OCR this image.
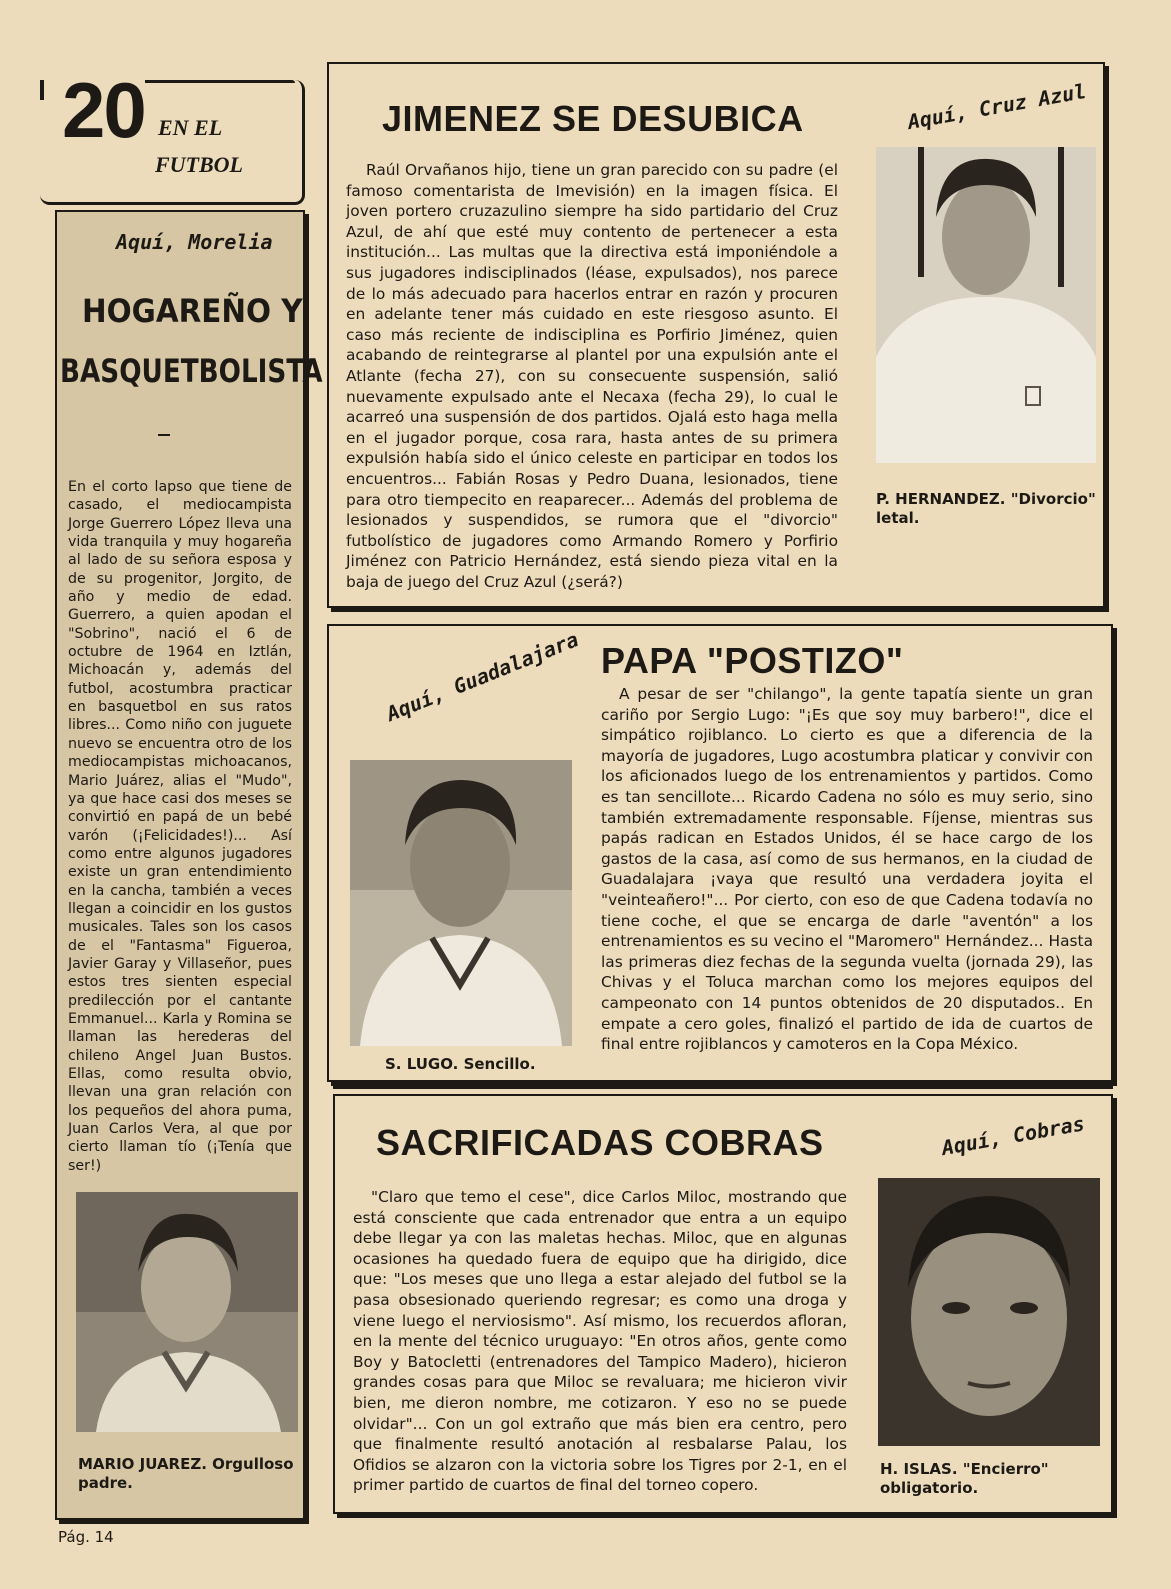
20 EN EL
FUTBOL
Aquí, Morelia
HOGAREÑO Y
BASQUETBOLISTA
En el corto lapso que tiene de casado, el mediocampista Jorge Guerrero López lleva una vida tranquila y muy hogareña al lado de su señora esposa y de su progenitor, Jorgito, de año y medio de edad. Guerrero, a quien apodan el "Sobrino", nació el 6 de octubre de 1964 en Iztlán, Michoacán y, además del futbol, acostumbra practicar en basquetbol en sus ratos libres... Como niño con juguete nuevo se encuentra otro de los mediocampistas michoacanos, Mario Juárez, alias el "Mudo", ya que hace casi dos meses se convirtió en papá de un bebé varón (¡Felicidades!)... Así como entre algunos jugadores existe un gran entendimiento en la cancha, también a veces llegan a coincidir en los gustos musicales. Tales son los casos de el "Fantasma" Figueroa, Javier Garay y Villaseñor, pues estos tres sienten especial predilección por el cantante Emmanuel... Karla y Romina se llaman las herederas del chileno Angel Juan Bustos. Ellas, como resulta obvio, llevan una gran relación con los pequeños del ahora puma, Juan Carlos Vera, al que por cierto llaman tío (¡Tenía que ser!)
MARIO JUAREZ. Orgulloso padre.
JIMENEZ SE DESUBICA	Aquí, Cruz Azul
Raúl Orvañanos hijo, tiene un gran parecido con su padre (el famoso comentarista de Imevisión) en la imagen física. El joven portero cruzazulino siempre ha sido partidario del Cruz Azul, de ahí que esté muy contento de pertenecer a esta institución... Las multas que la directiva está imponiéndole a sus jugadores indisciplinados (léase, expulsados), nos parece de lo más adecuado para hacerlos entrar en razón y procuren en adelante tener más cuidado en este riesgoso asunto. El caso más reciente de indisciplina es Porfirio Jiménez, quien acabando de reintegrarse al plantel por una expulsión ante el Atlante (fecha 27), con su consecuente suspensión, salió nuevamente expulsado ante el Necaxa (fecha 29), lo cual le acarreó una suspensión de dos partidos. Ojalá esto haga mella en el jugador porque, cosa rara, hasta antes de su primera expulsión había sido el único celeste en participar en todos los encuentros... Fabián Rosas y Pedro Duana, lesionados, tiene para otro tiempecito en reaparecer... Además del problema de lesionados y suspendidos, se rumora que el "divorcio" futbolístico de jugadores como Armando Romero y Porfirio Jiménez con Patricio Hernández, está siendo pieza vital en la baja de juego del Cruz Azul (¿será?)
P. HERNANDEZ. "Divorcio" letal.
PAPA "POSTIZO"
Aquí, Guadalajara
S. LUGO. Sencillo.
A pesar de ser "chilango", la gente tapatía siente un gran cariño por Sergio Lugo: "¡Es que soy muy barbero!", dice el simpático rojiblanco. Lo cierto es que a diferencia de la mayoría de jugadores, Lugo acostumbra platicar y convivir con los aficionados luego de los entrenamientos y partidos. Como es tan sencillote... Ricardo Cadena no sólo es muy serio, sino también extremadamente responsable. Fíjense, mientras sus papás radican en Estados Unidos, él se hace cargo de los gastos de la casa, así como de sus hermanos, en la ciudad de Guadalajara ¡vaya que resultó una verdadera joyita el "veinteañero!"... Por cierto, con eso de que Cadena todavía no tiene coche, el que se encarga de darle "aventón" a los entrenamientos es su vecino el "Maromero" Hernández... Hasta las primeras diez fechas de la segunda vuelta (jornada 29), las Chivas y el Toluca marchan como los mejores equipos del campeonato con 14 puntos obtenidos de 20 disputados.. En empate a cero goles, finalizó el partido de ida de cuartos de final entre rojiblancos y camoteros en la Copa México.
SACRIFICADAS COBRAS	Aquí, Cobras
"Claro que temo el cese", dice Carlos Miloc, mostrando que está consciente que cada entrenador que entra a un equipo debe llegar ya con las maletas hechas. Miloc, que en algunas ocasiones ha quedado fuera de equipo que ha dirigido, dice que: "Los meses que uno llega a estar alejado del futbol se la pasa obsesionado queriendo regresar; es como una droga y viene luego el nerviosismo". Así mismo, los recuerdos afloran, en la mente del técnico uruguayo: "En otros años, gente como Boy y Batocletti (entrenadores del Tampico Madero), hicieron grandes cosas para que Miloc se revaluara; me hicieron vivir bien, me dieron nombre, me cotizaron. Y eso no se puede olvidar"... Con un gol extraño que más bien era centro, pero que finalmente resultó anotación al resbalarse Palau, los Ofidios se alzaron con la victoria sobre los Tigres por 2-1, en el primer partido de cuartos de final del torneo copero.
H. ISLAS. "Encierro" obligatorio.
Pág. 14
